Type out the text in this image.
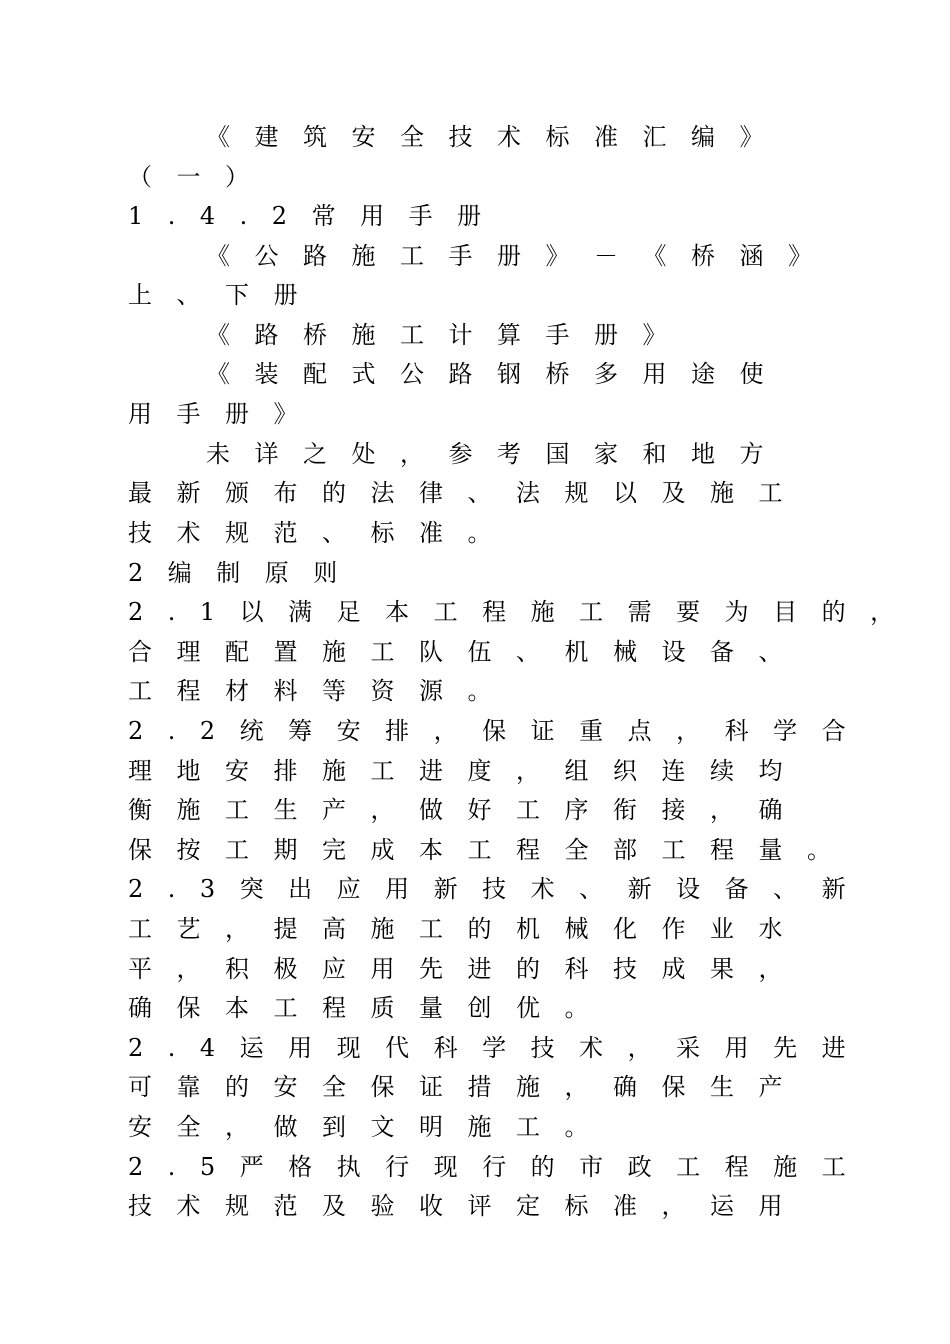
《建筑安全技术标准汇编》
（一）
1.4.2常用手册
《公路施工手册》－《桥涵》
上、下册
《路桥施工计算手册》
《装配式公路钢桥多用途使
用手册》
未详之处，参考国家和地方
最新颁布的法律、法规以及施工
技术规范、标准。
2编制原则
2.1以满足本工程施工需要为目的，
合理配置施工队伍、机械设备、
工程材料等资源。
2.2统筹安排，保证重点，科学合
理地安排施工进度，组织连续均
衡施工生产，做好工序衔接，确
保按工期完成本工程全部工程量。
2.3突出应用新技术、新设备、新
工艺，提高施工的机械化作业水
平，积极应用先进的科技成果，
确保本工程质量创优。
2.4运用现代科学技术，采用先进
可靠的安全保证措施，确保生产
安全，做到文明施工。
2.5严格执行现行的市政工程施工
技术规范及验收评定标准，运用
